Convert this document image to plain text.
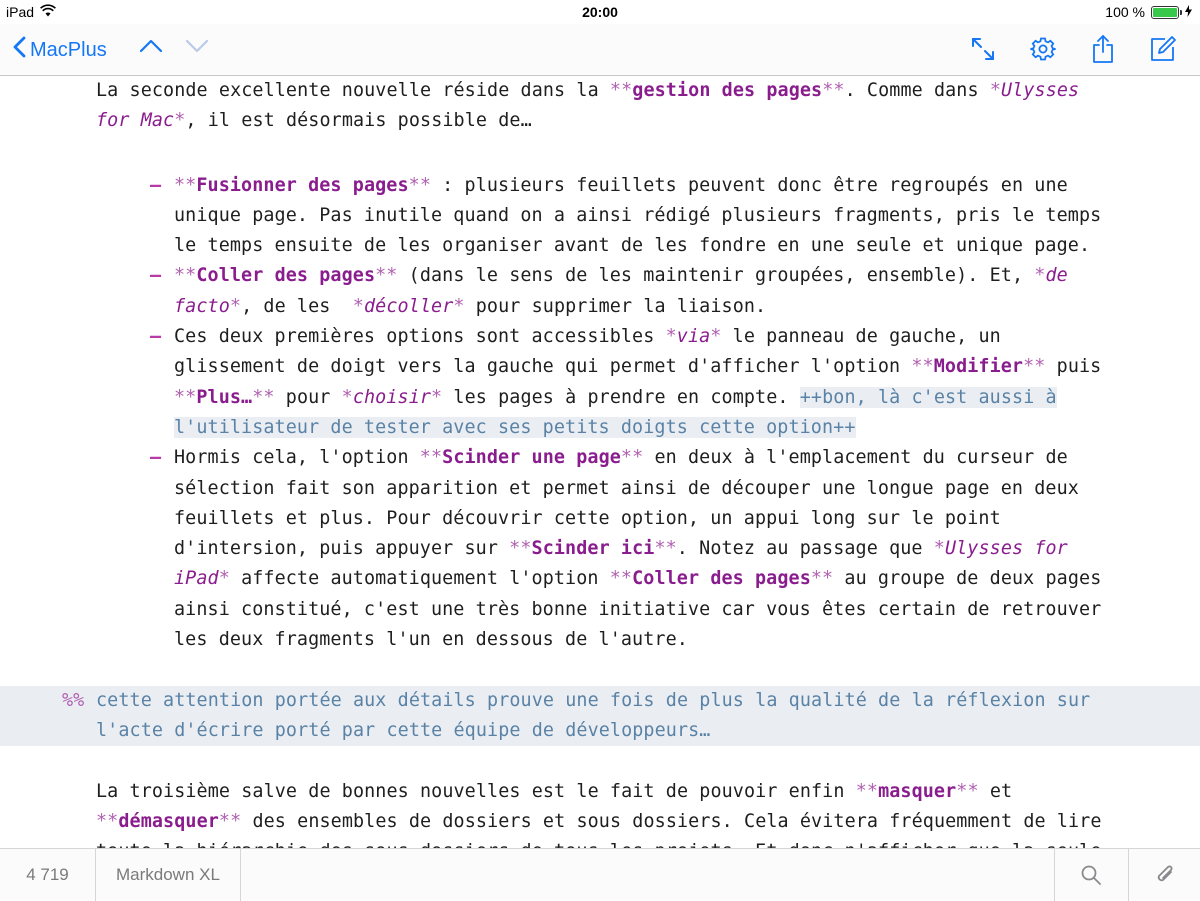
iPad	20:00	100 %
MacPlus
La seconde excellente nouvelle réside dans la **gestion des pages**. Comme dans *Ulysses for Mac*, il est désormais possible de…
– **Fusionner des pages** : plusieurs feuillets peuvent donc être regroupés en une unique page. Pas inutile quand on a ainsi rédigé plusieurs fragments, pris le temps le temps ensuite de les organiser avant de les fondre en une seule et unique page.
– **Coller des pages** (dans le sens de les maintenir groupées, ensemble). Et, *de facto*, de les  *décoller* pour supprimer la liaison.
– Ces deux premières options sont accessibles *via* le panneau de gauche, un glissement de doigt vers la gauche qui permet d'afficher l'option **Modifier** puis **Plus…** pour *choisir* les pages à prendre en compte. ++bon, là c'est aussi à l'utilisateur de tester avec ses petits doigts cette option++
– Hormis cela, l'option **Scinder une page** en deux à l'emplacement du curseur de sélection fait son apparition et permet ainsi de découper une longue page en deux feuillets et plus. Pour découvrir cette option, un appui long sur le point d'intersion, puis appuyer sur **Scinder ici**. Notez au passage que *Ulysses for iPad* affecte automatiquement l'option **Coller des pages** au groupe de deux pages ainsi constitué, c'est une très bonne initiative car vous êtes certain de retrouver les deux fragments l'un en dessous de l'autre.
%% cette attention portée aux détails prouve une fois de plus la qualité de la réflexion sur l'acte d'écrire porté par cette équipe de développeurs…
La troisième salve de bonnes nouvelles est le fait de pouvoir enfin **masquer** et **démasquer** des ensembles de dossiers et sous dossiers. Cela évitera fréquemment de lire
4 719	Markdown XL
